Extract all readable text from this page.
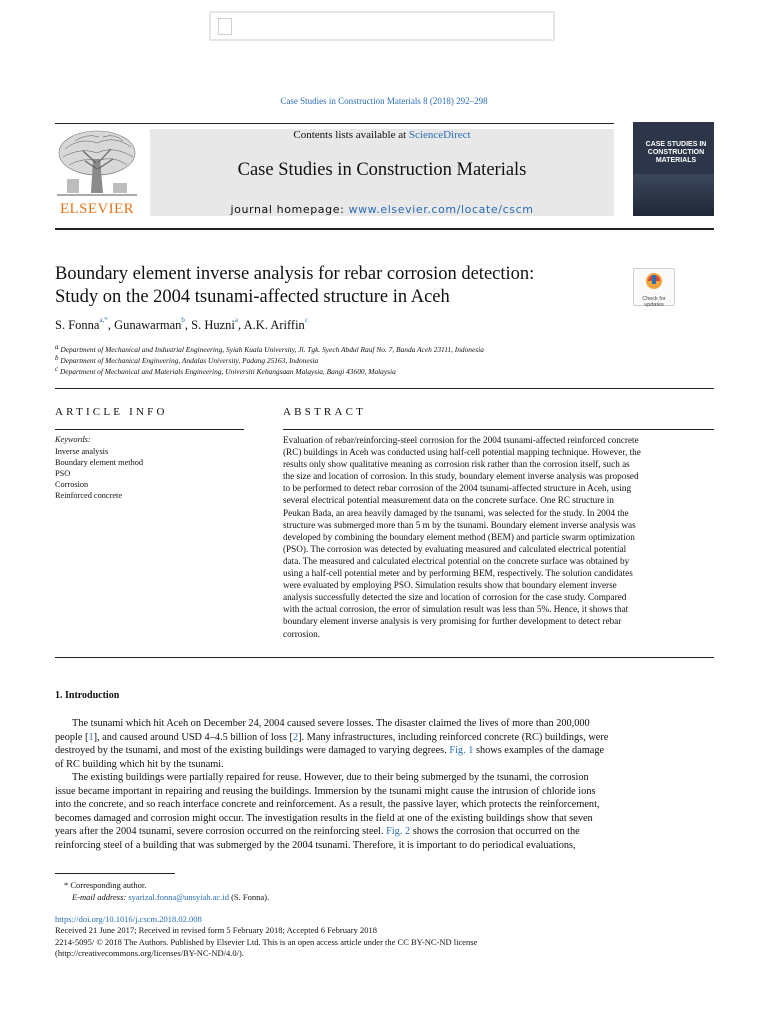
Case Studies in Construction Materials 8 (2018) 292–298
Contents lists available at ScienceDirect
Case Studies in Construction Materials
journal homepage: www.elsevier.com/locate/cscm
ELSEVIER
CASE STUDIES IN CONSTRUCTION MATERIALS
Boundary element inverse analysis for rebar corrosion detection:
Study on the 2004 tsunami-affected structure in Aceh	Check for updates
S. Fonna$^{a,*}$, Gunawarman$^b$, S. Huzni$^a$, A.K. Ariffin$^c$
$^a$ Department of Mechanical and Industrial Engineering, Syiah Kuala University, Jl. Tgk. Syech Abdul Rauf No. 7, Banda Aceh 23111, Indonesia
$^b$ Department of Mechanical Engineering, Andalas University, Padang 25163, Indonesia
$^c$ Department of Mechanical and Materials Engineering, Universiti Kebangsaan Malaysia, Bangi 43600, Malaysia
ARTICLE INFO
Keywords:
Inverse analysis
Boundary element method
PSO
Corrosion
Reinforced concrete
ABSTRACT
Evaluation of rebar/reinforcing-steel corrosion for the 2004 tsunami-affected reinforced concrete
(RC) buildings in Aceh was conducted using half-cell potential mapping technique. However, the
results only show qualitative meaning as corrosion risk rather than the corrosion itself, such as
the size and location of corrosion. In this study, boundary element inverse analysis was proposed
to be performed to detect rebar corrosion of the 2004 tsunami-affected structure in Aceh, using
several electrical potential measurement data on the concrete surface. One RC structure in
Peukan Bada, an area heavily damaged by the tsunami, was selected for the study. In 2004 the
structure was submerged more than 5 m by the tsunami. Boundary element inverse analysis was
developed by combining the boundary element method (BEM) and particle swarm optimization
(PSO). The corrosion was detected by evaluating measured and calculated electrical potential
data. The measured and calculated electrical potential on the concrete surface was obtained by
using a half-cell potential meter and by performing BEM, respectively. The solution candidates
were evaluated by employing PSO. Simulation results show that boundary element inverse
analysis successfully detected the size and location of corrosion for the case study. Compared
with the actual corrosion, the error of simulation result was less than 5%. Hence, it shows that
boundary element inverse analysis is very promising for further development to detect rebar
corrosion.
1. Introduction
The tsunami which hit Aceh on December 24, 2004 caused severe losses. The disaster claimed the lives of more than 200,000
people [1], and caused around USD 4–4.5 billion of loss [2]. Many infrastructures, including reinforced concrete (RC) buildings, were
destroyed by the tsunami, and most of the existing buildings were damaged to varying degrees. Fig. 1 shows examples of the damage
of RC building which hit by the tsunami.
The existing buildings were partially repaired for reuse. However, due to their being submerged by the tsunami, the corrosion
issue became important in repairing and reusing the buildings. Immersion by the tsunami might cause the intrusion of chloride ions
into the concrete, and so reach interface concrete and reinforcement. As a result, the passive layer, which protects the reinforcement,
becomes damaged and corrosion might occur. The investigation results in the field at one of the existing buildings show that seven
years after the 2004 tsunami, severe corrosion occurred on the reinforcing steel. Fig. 2 shows the corrosion that occurred on the
reinforcing steel of a building that was submerged by the 2004 tsunami. Therefore, it is important to do periodical evaluations,
* Corresponding author.
E-mail address: syarizal.fonna@unsyiah.ac.id (S. Fonna).
https://doi.org/10.1016/j.cscm.2018.02.008
Received 21 June 2017; Received in revised form 5 February 2018; Accepted 6 February 2018
2214-5095/ © 2018 The Authors. Published by Elsevier Ltd. This is an open access article under the CC BY-NC-ND license
(http://creativecommons.org/licenses/BY-NC-ND/4.0/).
